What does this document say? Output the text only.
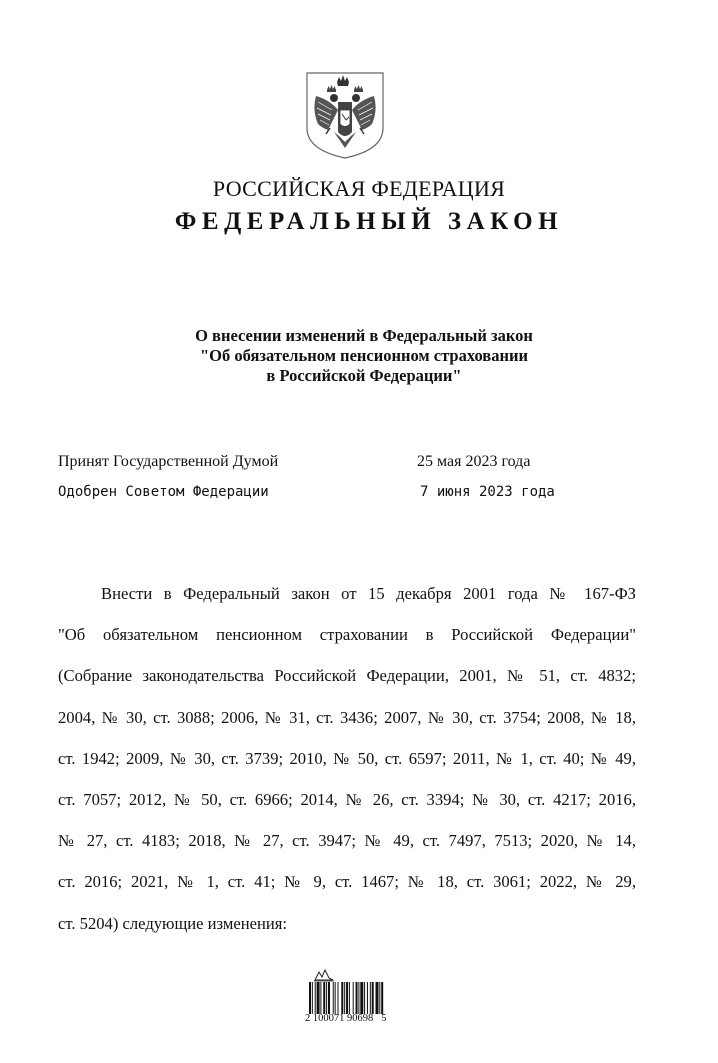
РОССИЙСКАЯ ФЕДЕРАЦИЯ
ФЕДЕРАЛЬНЫЙ ЗАКОН
О внесении изменений в Федеральный закон
"Об обязательном пенсионном страховании
в Российской Федерации"
Принят Государственной Думой	25 мая 2023 года
Одобрен Советом Федерации	7 июня 2023 года
Внести в Федеральный закон от 15 декабря 2001 года № 167-ФЗ
"Об обязательном пенсионном страховании в Российской Федерации"
(Собрание законодательства Российской Федерации, 2001, № 51, ст. 4832;
2004, № 30, ст. 3088; 2006, № 31, ст. 3436; 2007, № 30, ст. 3754; 2008, № 18,
ст. 1942; 2009, № 30, ст. 3739; 2010, № 50, ст. 6597; 2011, № 1, ст. 40; № 49,
ст. 7057; 2012, № 50, ст. 6966; 2014, № 26, ст. 3394; № 30, ст. 4217; 2016,
№ 27, ст. 4183; 2018, № 27, ст. 3947; № 49, ст. 7497, 7513; 2020, № 14,
ст. 2016; 2021, № 1, ст. 41; № 9, ст. 1467; № 18, ст. 3061; 2022, № 29,
ст. 5204) следующие изменения:
2 100071 90698   5
